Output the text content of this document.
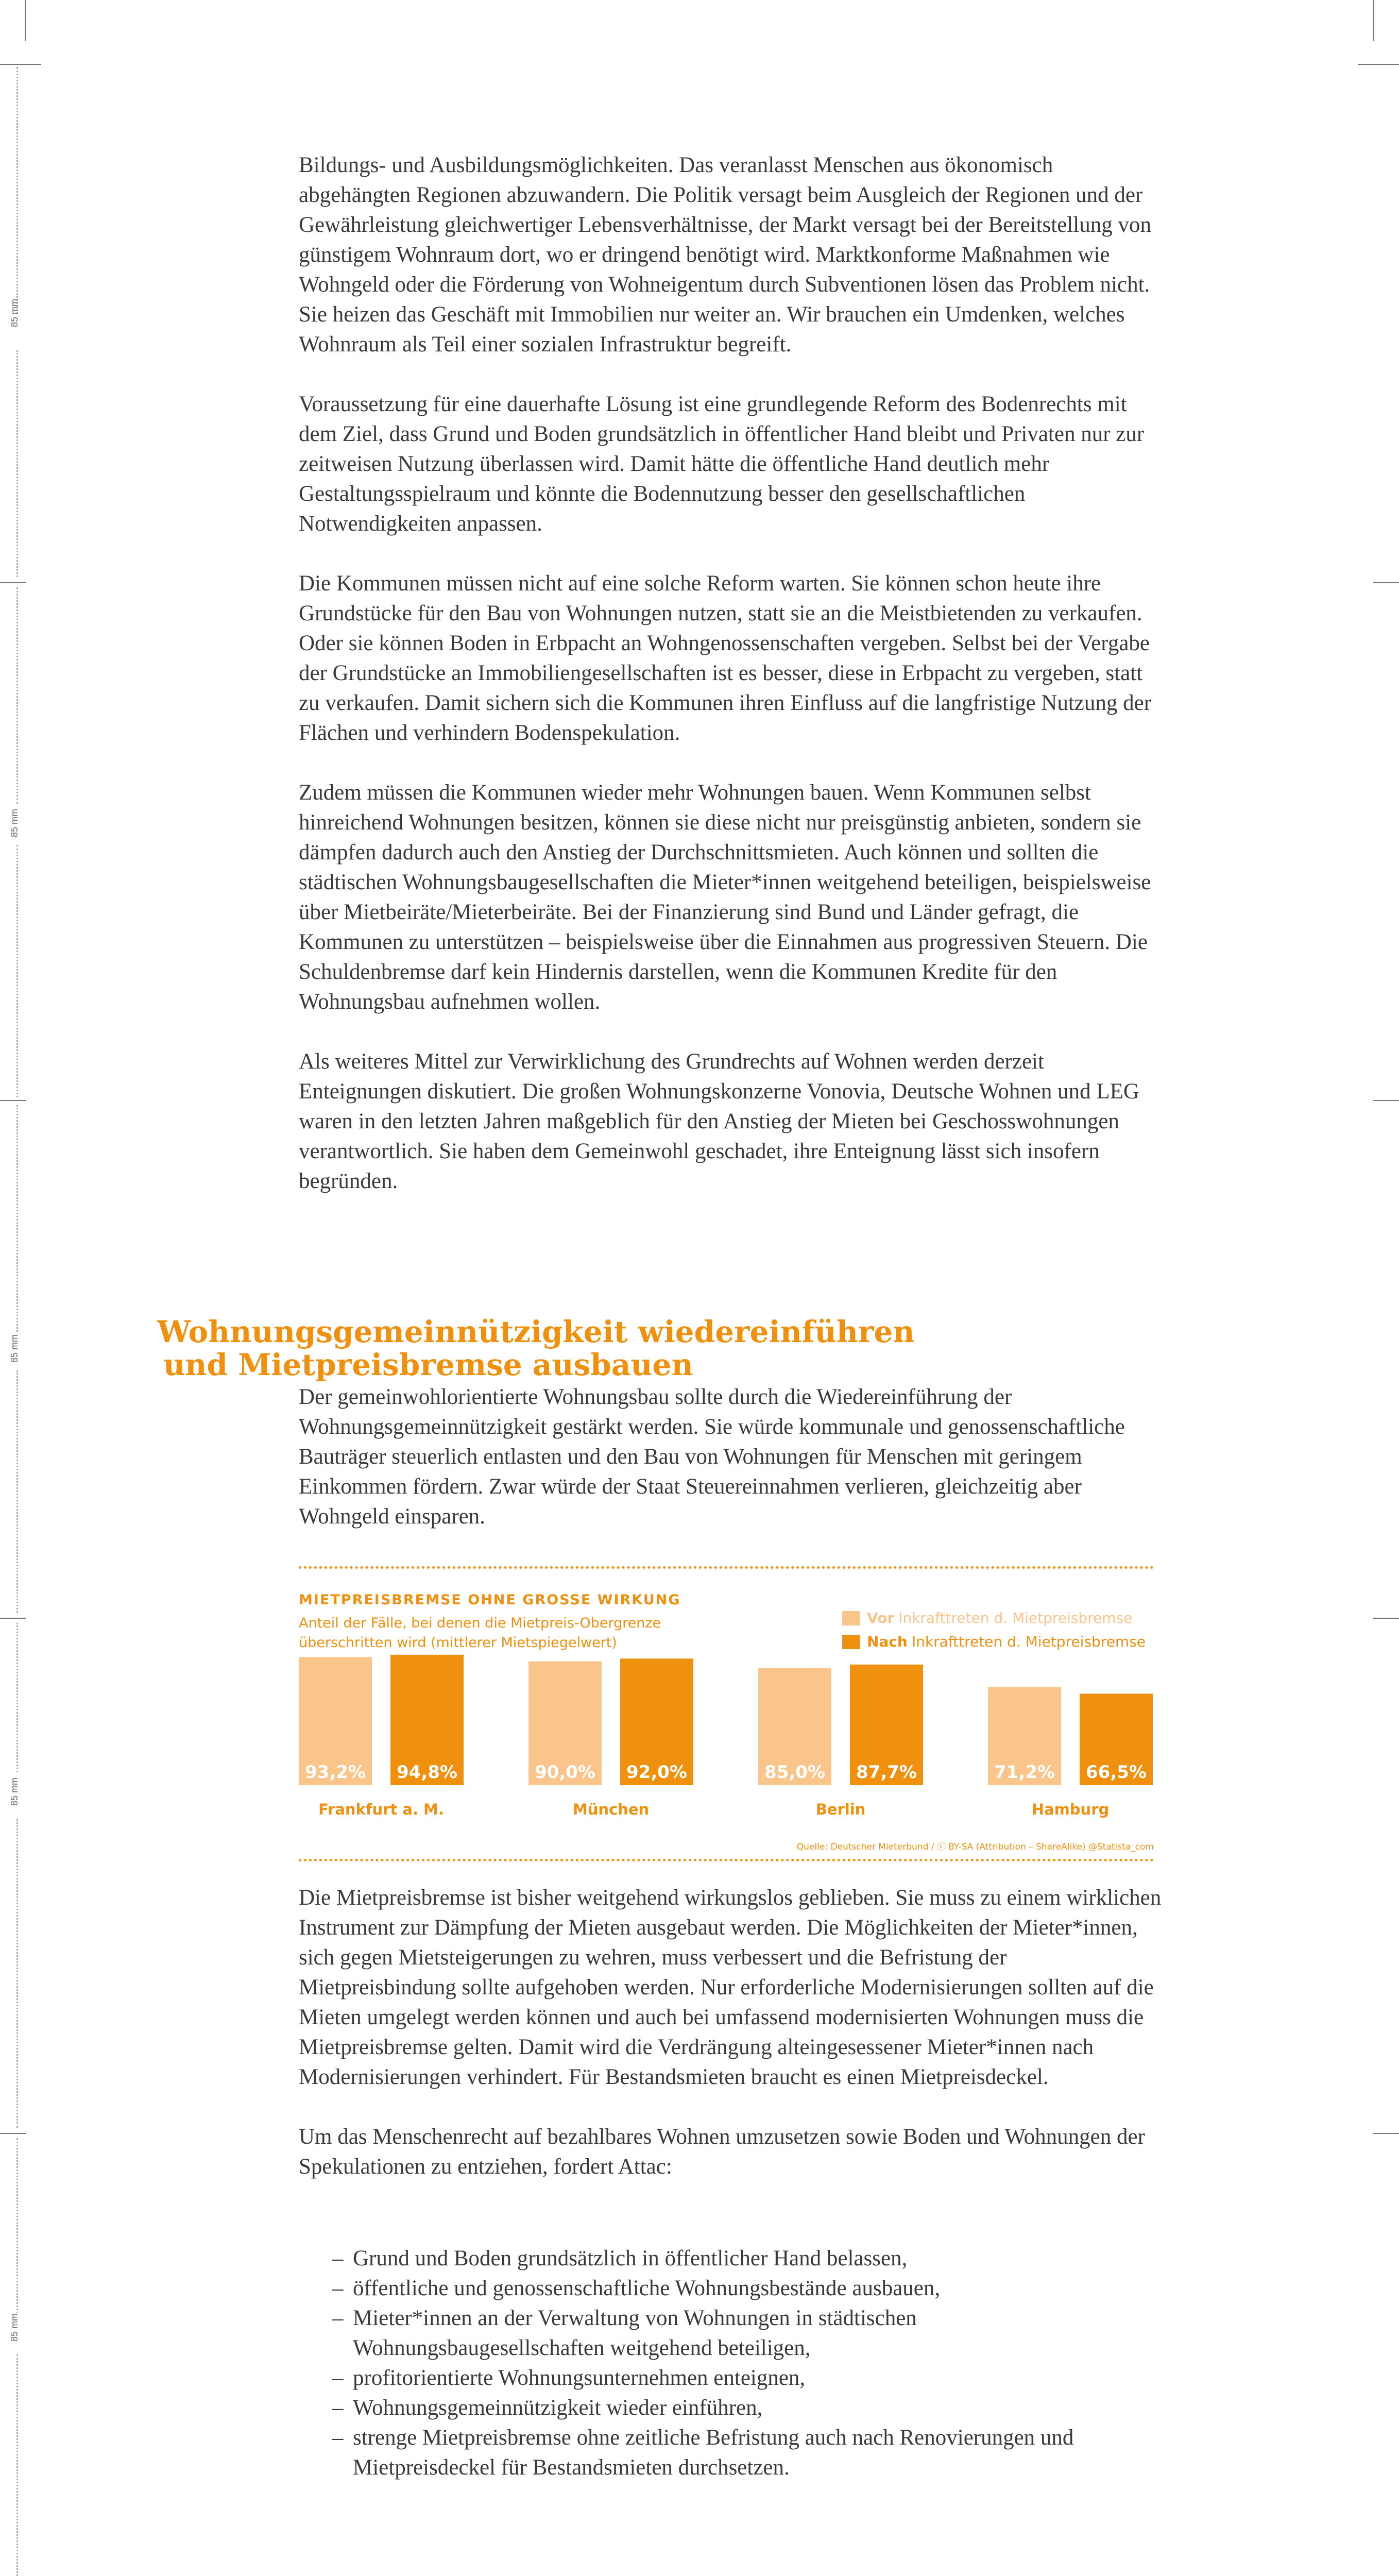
85 mm
85 mm
85 mm
85 mm
85 mm

Bildungs- und Ausbildungsmöglichkeiten. Das veranlasst Menschen aus ökonomisch abgehängten Regionen abzuwandern. Die Politik versagt beim Ausgleich der Regionen und der Gewährleistung gleichwertiger Lebensverhältnisse, der Markt versagt bei der Bereitstellung von günstigem Wohnraum dort, wo er dringend benötigt wird. Marktkonforme Maßnahmen wie Wohngeld oder die Förderung von Wohneigentum durch Subventionen lösen das Problem nicht. Sie heizen das Geschäft mit Immobilien nur weiter an. Wir brauchen ein Umdenken, welches Wohnraum als Teil einer sozialen Infrastruktur begreift.

Voraussetzung für eine dauerhafte Lösung ist eine grundlegende Reform des Bodenrechts mit dem Ziel, dass Grund und Boden grundsätzlich in öffentlicher Hand bleibt und Privaten nur zur zeitweisen Nutzung überlassen wird. Damit hätte die öffentliche Hand deutlich mehr Gestaltungsspielraum und könnte die Bodennutzung besser den gesellschaftlichen Notwendigkeiten anpassen.

Die Kommunen müssen nicht auf eine solche Reform warten. Sie können schon heute ihre Grundstücke für den Bau von Wohnungen nutzen, statt sie an die Meistbietenden zu verkaufen. Oder sie können Boden in Erbpacht an Wohngenossenschaften vergeben. Selbst bei der Vergabe der Grundstücke an Immobiliengesellschaften ist es besser, diese in Erbpacht zu vergeben, statt zu verkaufen. Damit sichern sich die Kommunen ihren Einfluss auf die langfristige Nutzung der Flächen und verhindern Bodenspekulation.

Zudem müssen die Kommunen wieder mehr Wohnungen bauen. Wenn Kommunen selbst hinreichend Wohnungen besitzen, können sie diese nicht nur preisgünstig anbieten, sondern sie dämpfen dadurch auch den Anstieg der Durchschnittsmieten. Auch können und sollten die städtischen Wohnungsbaugesellschaften die Mieter*innen weitgehend beteiligen, beispielsweise über Mietbeiräte/Mieterbeiräte. Bei der Finanzierung sind Bund und Länder gefragt, die Kommunen zu unterstützen – beispielsweise über die Einnahmen aus progressiven Steuern. Die Schuldenbremse darf kein Hindernis darstellen, wenn die Kommunen Kredite für den Wohnungsbau aufnehmen wollen.

Als weiteres Mittel zur Verwirklichung des Grundrechts auf Wohnen werden derzeit Enteignungen diskutiert. Die großen Wohnungskonzerne Vonovia, Deutsche Wohnen und LEG waren in den letzten Jahren maßgeblich für den Anstieg der Mieten bei Geschosswohnungen verantwortlich. Sie haben dem Gemeinwohl geschadet, ihre Enteignung lässt sich insofern begründen.

Wohnungsgemeinnützigkeit wiedereinführen
und Mietpreisbremse ausbauen

Der gemeinwohlorientierte Wohnungsbau sollte durch die Wiedereinführung der Wohnungsgemeinnützigkeit gestärkt werden. Sie würde kommunale und genossenschaftliche Bauträger steuerlich entlasten und den Bau von Wohnungen für Menschen mit geringem Einkommen fördern. Zwar würde der Staat Steuereinnahmen verlieren, gleichzeitig aber Wohngeld einsparen.

MIETPREISBREMSE OHNE GROSSE WIRKUNG
Anteil der Fälle, bei denen die Mietpreis-Obergrenze überschritten wird (mittlerer Mietspiegelwert)
Vor Inkrafttreten d. Mietpreisbremse
Nach Inkrafttreten d. Mietpreisbremse
93,2% 94,8%
Frankfurt a. M.
90,0% 92,0%
München
85,0% 87,7%
Berlin
71,2% 66,5%
Hamburg
Quelle: Deutscher Mieterbund / ⓒ BY-SA (Attribution – ShareAlike) @Statista_com

Die Mietpreisbremse ist bisher weitgehend wirkungslos geblieben. Sie muss zu einem wirklichen Instrument zur Dämpfung der Mieten ausgebaut werden. Die Möglichkeiten der Mieter*innen, sich gegen Mietsteigerungen zu wehren, muss verbessert und die Befristung der Mietpreisbindung sollte aufgehoben werden. Nur erforderliche Modernisierungen sollten auf die Mieten umgelegt werden können und auch bei umfassend modernisierten Wohnungen muss die Mietpreisbremse gelten. Damit wird die Verdrängung alteingesessener Mieter*innen nach Modernisierungen verhindert. Für Bestandsmieten braucht es einen Mietpreisdeckel.

Um das Menschenrecht auf bezahlbares Wohnen umzusetzen sowie Boden und Wohnungen der Spekulationen zu entziehen, fordert Attac:

– Grund und Boden grundsätzlich in öffentlicher Hand belassen,
– öffentliche und genossenschaftliche Wohnungsbestände ausbauen,
– Mieter*innen an der Verwaltung von Wohnungen in städtischen Wohnungsbaugesellschaften weitgehend beteiligen,
– profitorientierte Wohnungsunternehmen enteignen,
– Wohnungsgemeinnützigkeit wieder einführen,
– strenge Mietpreisbremse ohne zeitliche Befristung auch nach Renovierungen und Mietpreisdeckel für Bestandsmieten durchsetzen.
